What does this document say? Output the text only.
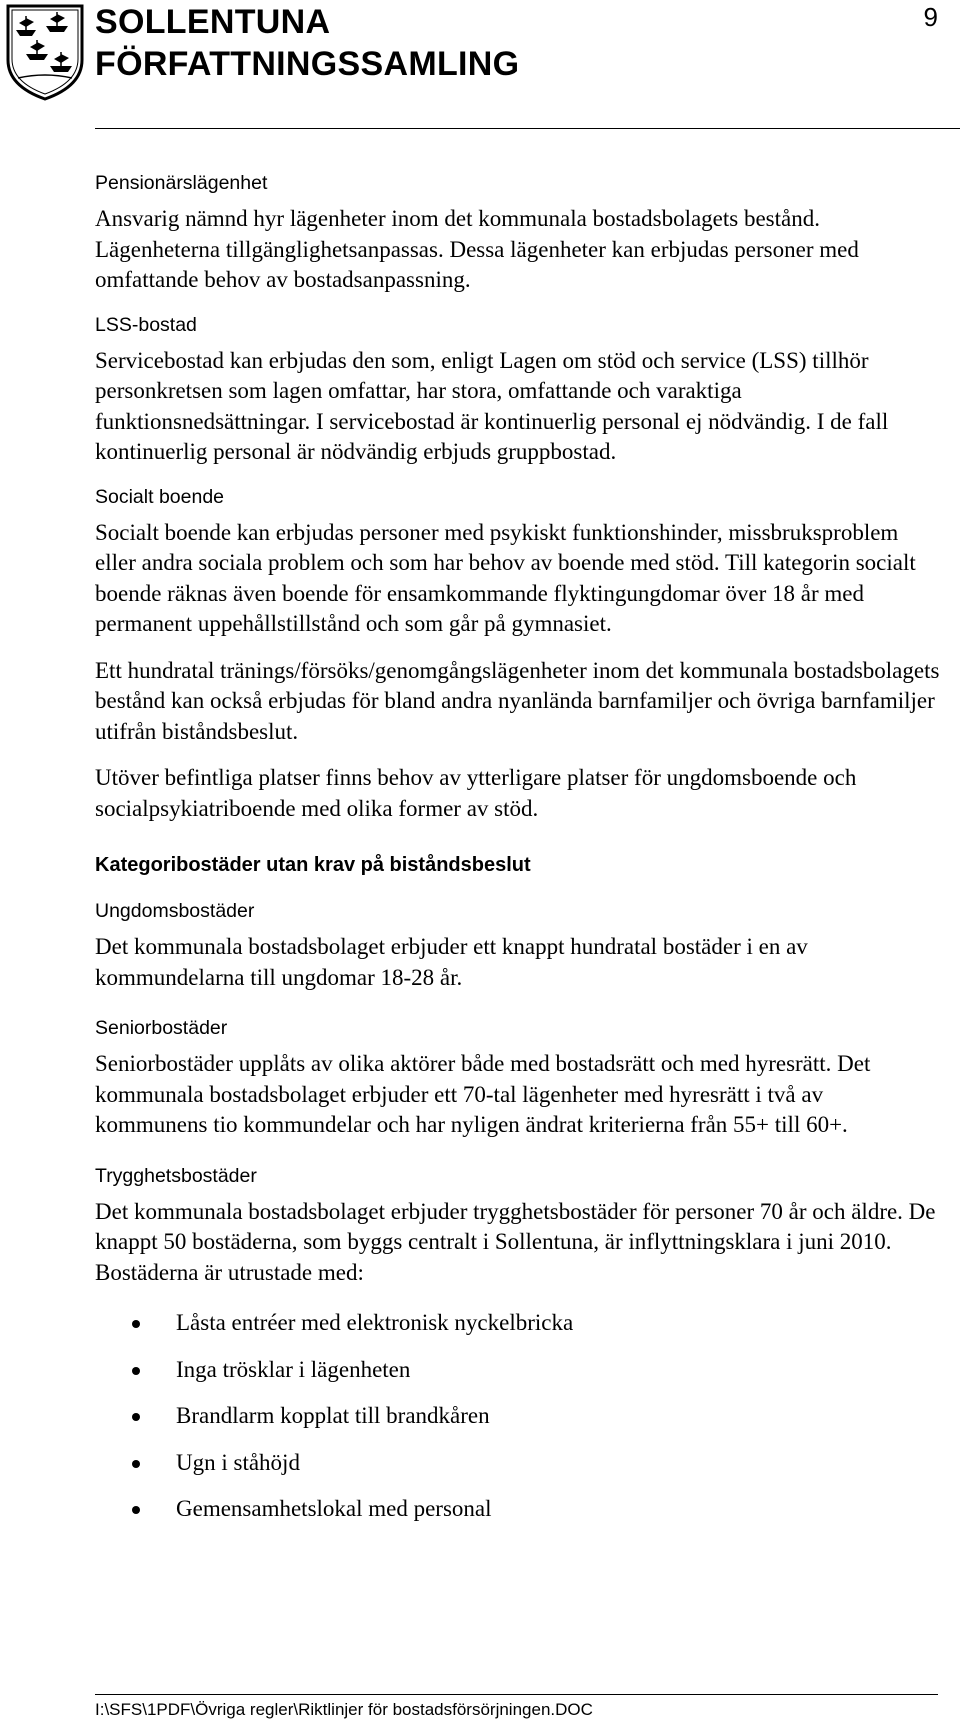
SOLLENTUNA
FÖRFATTNINGSSAMLING
9
Pensionärslägenhet

Ansvarig nämnd hyr lägenheter inom det kommunala bostadsbolagets bestånd. Lägenheterna tillgänglighetsanpassas. Dessa lägenheter kan erbjudas personer med omfattande behov av bostadsanpassning.

LSS-bostad

Servicebostad kan erbjudas den som, enligt Lagen om stöd och service (LSS) tillhör personkretsen som lagen omfattar, har stora, omfattande och varaktiga funktionsnedsättningar. I servicebostad är kontinuerlig personal ej nödvändig. I de fall kontinuerlig personal är nödvändig erbjuds gruppbostad.

Socialt boende

Socialt boende kan erbjudas personer med psykiskt funktionshinder, missbruksproblem eller andra sociala problem och som har behov av boende med stöd. Till kategorin socialt boende räknas även boende för ensamkommande flyktingungdomar över 18 år med permanent uppehållstillstånd och som går på gymnasiet.

Ett hundratal tränings/försöks/genomgångslägenheter inom det kommunala bostadsbolagets bestånd kan också erbjudas för bland andra nyanlända barnfamiljer och övriga barnfamiljer utifrån biståndsbeslut.

Utöver befintliga platser finns behov av ytterligare platser för ungdomsboende och socialpsykiatriboende med olika former av stöd.

Kategoribostäder utan krav på biståndsbeslut
Ungdomsbostäder

Det kommunala bostadsbolaget erbjuder ett knappt hundratal bostäder i en av kommundelarna till ungdomar 18-28 år.

Seniorbostäder

Seniorbostäder upplåts av olika aktörer både med bostadsrätt och med hyresrätt. Det kommunala bostadsbolaget erbjuder ett 70-tal lägenheter med hyresrätt i två av kommunens tio kommundelar och har nyligen ändrat kriterierna från 55+ till 60+.

Trygghetsbostäder

Det kommunala bostadsbolaget erbjuder trygghetsbostäder för personer 70 år och äldre. De knappt 50 bostäderna, som byggs centralt i Sollentuna, är inflyttningsklara i juni 2010. Bostäderna är utrustade med:

Låsta entréer med elektronisk nyckelbricka
Inga trösklar i lägenheten
Brandlarm kopplat till brandkåren
Ugn i ståhöjd
Gemensamhetslokal med personal
I:\SFS\1PDF\Övriga regler\Riktlinjer för bostadsförsörjningen.DOC
